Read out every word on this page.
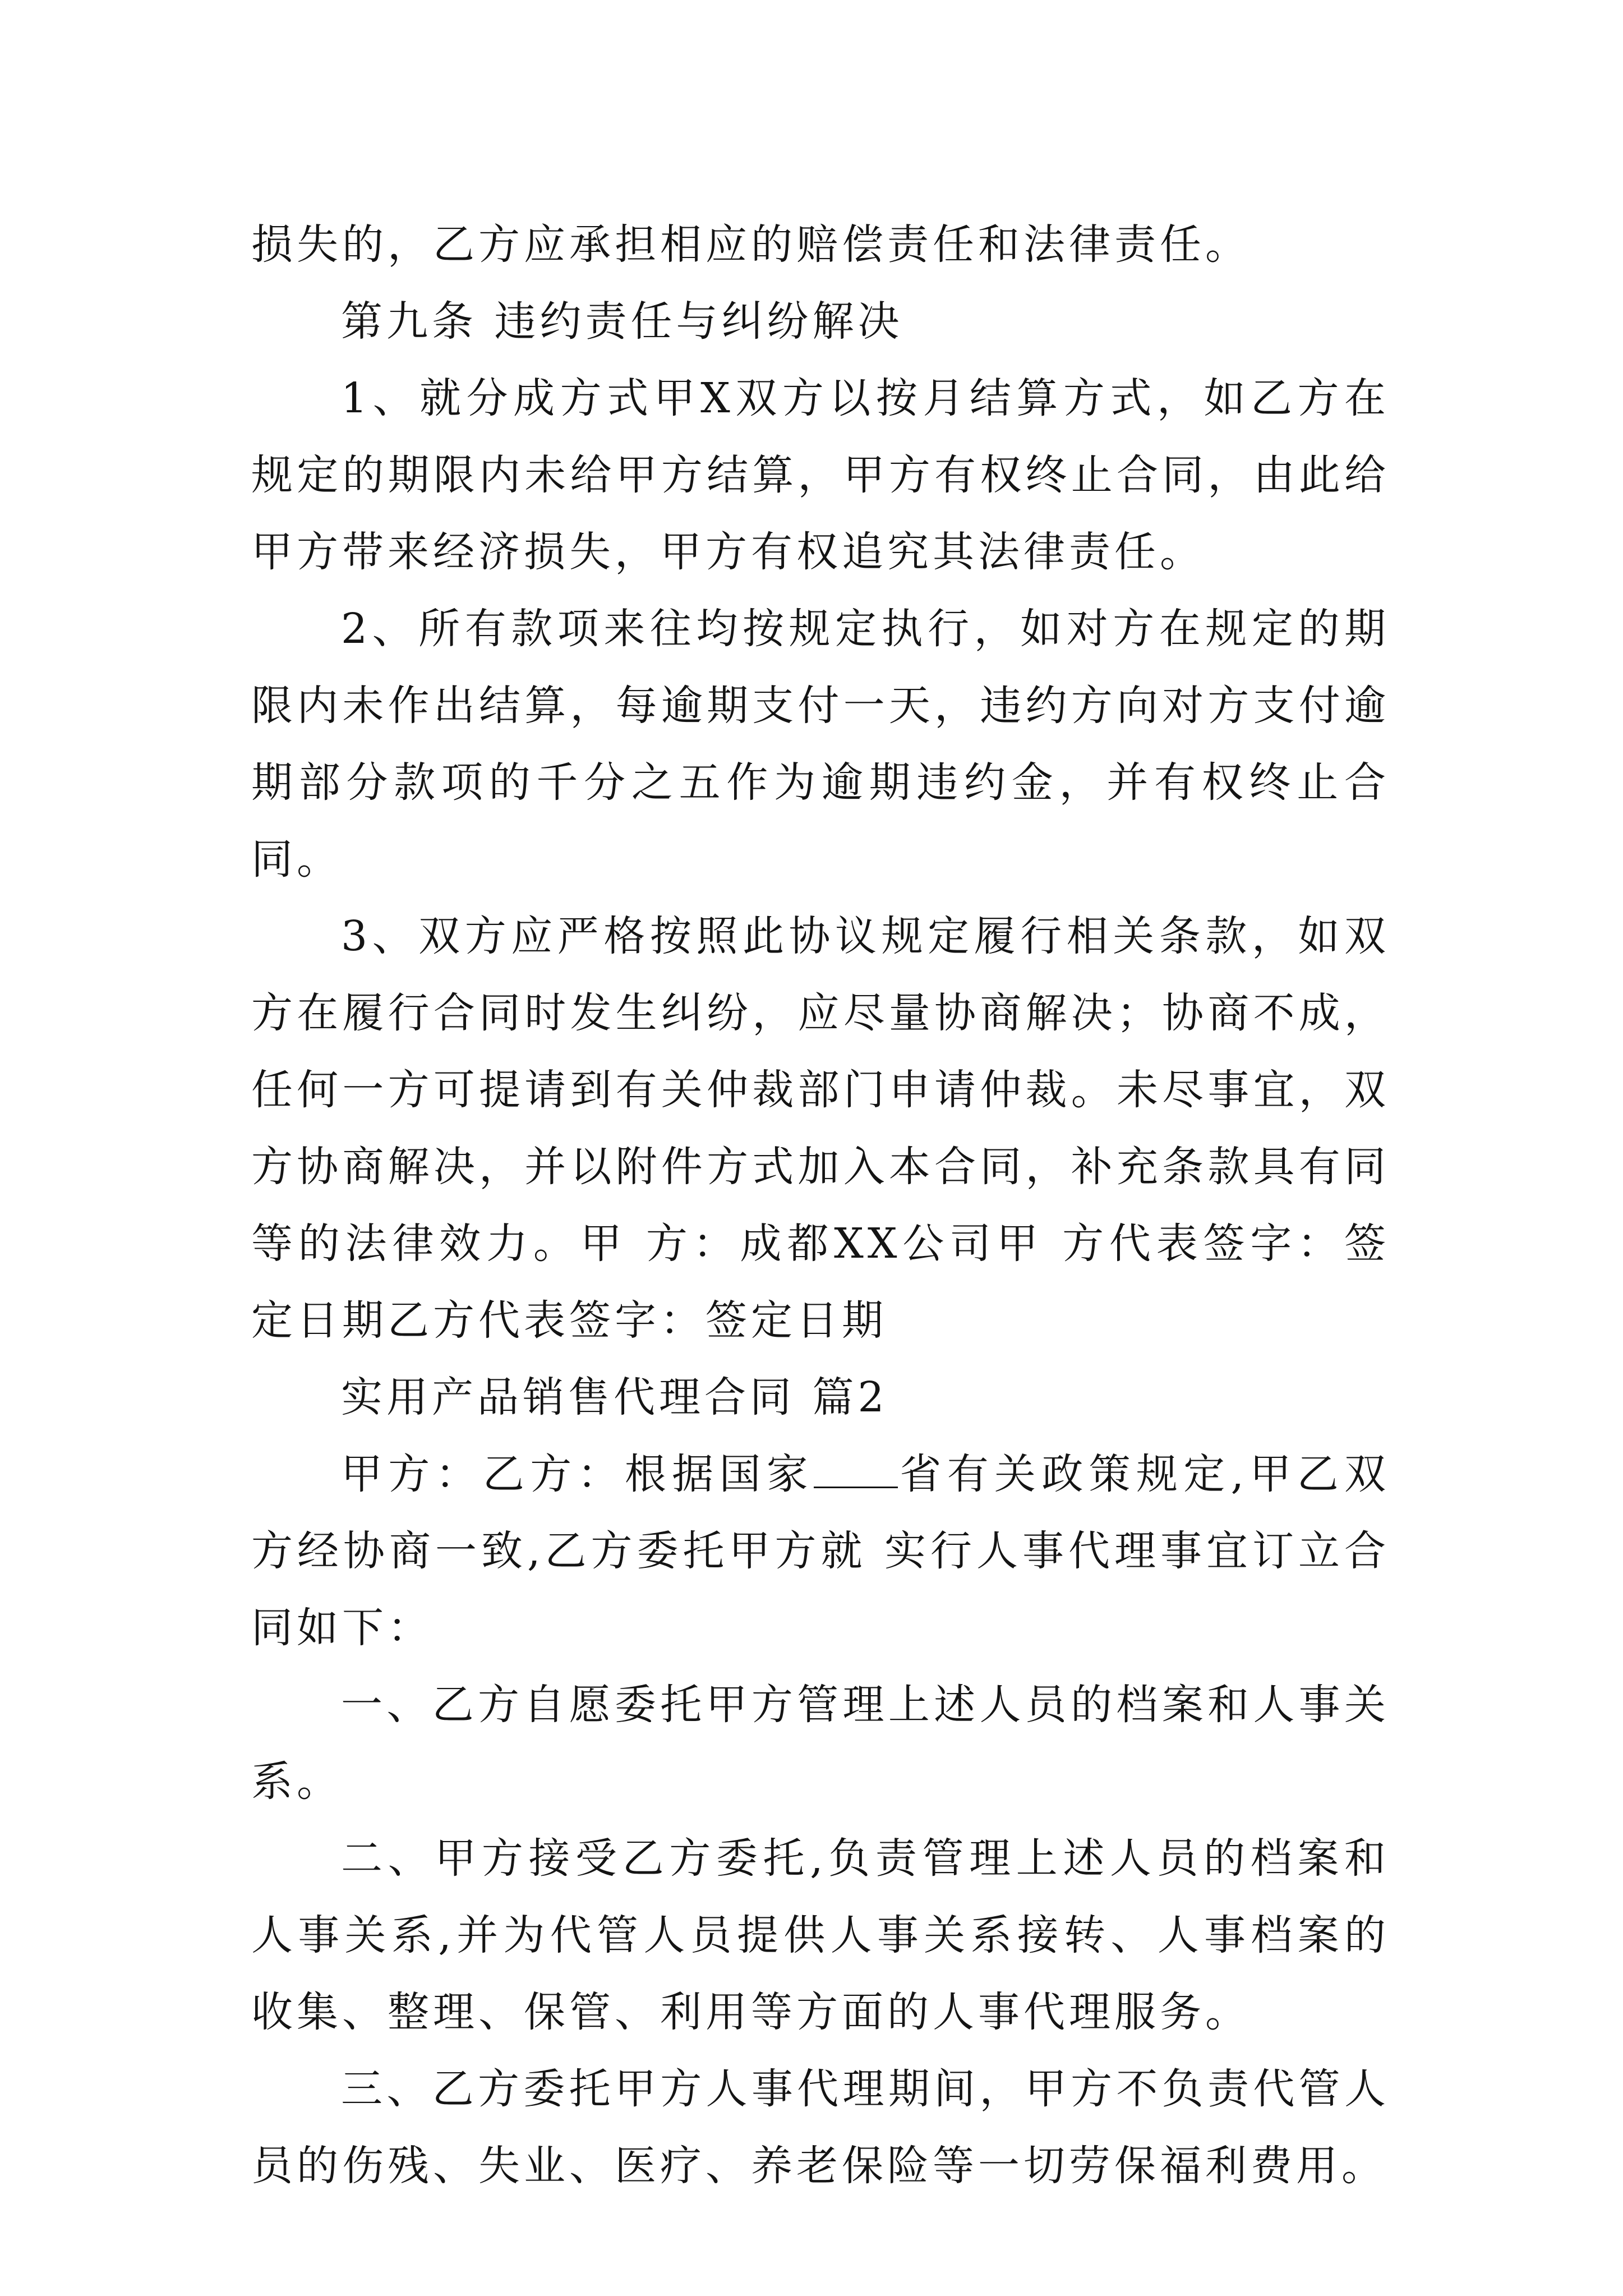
损失的，乙方应承担相应的赔偿责任和法律责任。

第九条 违约责任与纠纷解决

1、就分成方式甲X双方以按月结算方式，如乙方在规定的期限内未给甲方结算，甲方有权终止合同，由此给甲方带来经济损失，甲方有权追究其法律责任。

2、所有款项来往均按规定执行，如对方在规定的期限内未作出结算，每逾期支付一天，违约方向对方支付逾期部分款项的千分之五作为逾期违约金，并有权终止合同。

3、双方应严格按照此协议规定履行相关条款，如双方在履行合同时发生纠纷，应尽量协商解决；协商不成，任何一方可提请到有关仲裁部门申请仲裁。未尽事宜，双方协商解决，并以附件方式加入本合同，补充条款具有同等的法律效力。甲 方：成都XX公司甲 方代表签字：签定日期乙方代表签字：签定日期

实用产品销售代理合同 篇2

甲方：乙方：根据国家 省有关政策规定,甲乙双方经协商一致,乙方委托甲方就 实行人事代理事宜订立合同如下：

一、乙方自愿委托甲方管理上述人员的档案和人事关系。

二、甲方接受乙方委托,负责管理上述人员的档案和人事关系,并为代管人员提供人事关系接转、人事档案的收集、整理、保管、利用等方面的人事代理服务。

三、乙方委托甲方人事代理期间，甲方不负责代管人员的伤残、失业、医疗、养老保险等一切劳保福利费用。
